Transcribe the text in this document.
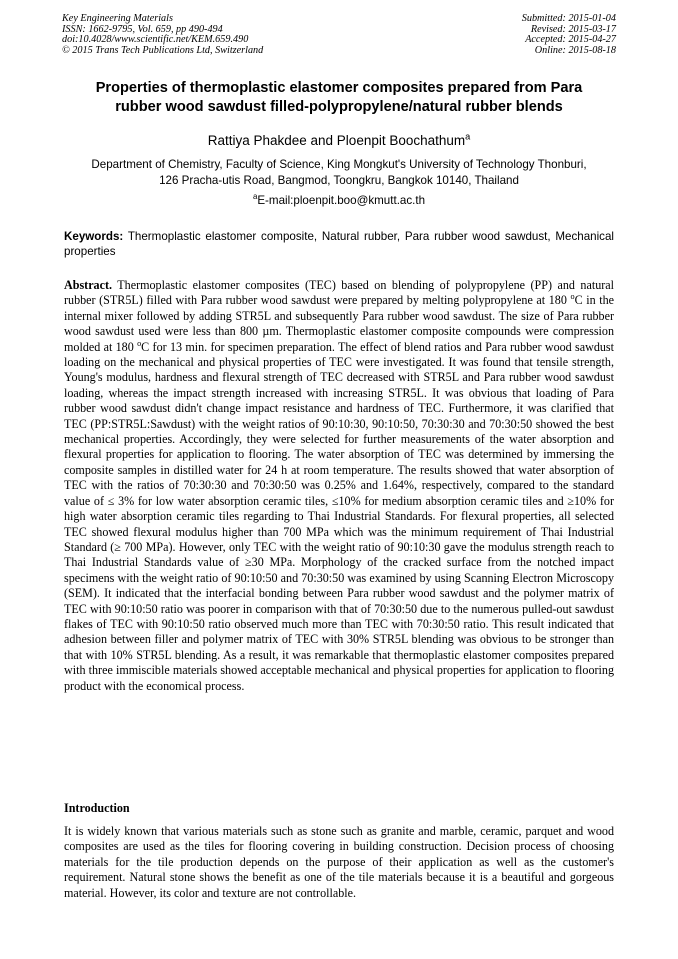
Key Engineering Materials
ISSN: 1662-9795, Vol. 659, pp 490-494
doi:10.4028/www.scientific.net/KEM.659.490
© 2015 Trans Tech Publications Ltd, Switzerland
Submitted: 2015-01-04
Revised: 2015-03-17
Accepted: 2015-04-27
Online: 2015-08-18
Properties of thermoplastic elastomer composites prepared from Para
rubber wood sawdust filled-polypropylene/natural rubber blends
Rattiya Phakdee and Ploenpit Boochathum$^a$
Department of Chemistry, Faculty of Science, King Mongkut's University of Technology Thonburi,
126 Pracha-utis Road, Bangmod, Toongkru, Bangkok 10140, Thailand
$^a$E-mail:ploenpit.boo@kmutt.ac.th
Keywords: Thermoplastic elastomer composite, Natural rubber, Para rubber wood sawdust, Mechanical properties
Abstract. Thermoplastic elastomer composites (TEC) based on blending of polypropylene (PP) and natural rubber (STR5L) filled with Para rubber wood sawdust were prepared by melting polypropylene at 180 $^o$C in the internal mixer followed by adding STR5L and subsequently Para rubber wood sawdust. The size of Para rubber wood sawdust used were less than 800 µm. Thermoplastic elastomer composite compounds were compression molded at 180 $^o$C for 13 min. for specimen preparation. The effect of blend ratios and Para rubber wood sawdust loading on the mechanical and physical properties of TEC were investigated. It was found that tensile strength, Young's modulus, hardness and flexural strength of TEC decreased with STR5L and Para rubber wood sawdust loading, whereas the impact strength increased with increasing STR5L. It was obvious that loading of Para rubber wood sawdust didn't change impact resistance and hardness of TEC. Furthermore, it was clarified that TEC (PP:STR5L:Sawdust) with the weight ratios of 90:10:30, 90:10:50, 70:30:30 and 70:30:50 showed the best mechanical properties. Accordingly, they were selected for further measurements of the water absorption and flexural properties for application to flooring. The water absorption of TEC was determined by immersing the composite samples in distilled water for 24 h at room temperature. The results showed that water absorption of TEC with the ratios of 70:30:30 and 70:30:50 was 0.25% and 1.64%, respectively, compared to the standard value of ≤ 3% for low water absorption ceramic tiles, ≤10% for medium absorption ceramic tiles and ≥10% for high water absorption ceramic tiles regarding to Thai Industrial Standards. For flexural properties, all selected TEC showed flexural modulus higher than 700 MPa which was the minimum requirement of Thai Industrial Standard (≥ 700 MPa). However, only TEC with the weight ratio of 90:10:30 gave the modulus strength reach to Thai Industrial Standards value of ≥30 MPa. Morphology of the cracked surface from the notched impact specimens with the weight ratio of 90:10:50 and 70:30:50 was examined by using Scanning Electron Microscopy (SEM). It indicated that the interfacial bonding between Para rubber wood sawdust and the polymer matrix of TEC with 90:10:50 ratio was poorer in comparison with that of 70:30:50 due to the numerous pulled-out sawdust flakes of TEC with 90:10:50 ratio observed much more than TEC with 70:30:50 ratio. This result indicated that adhesion between filler and polymer matrix of TEC with 30% STR5L blending was obvious to be stronger than that with 10% STR5L blending. As a result, it was remarkable that thermoplastic elastomer composites prepared with three immiscible materials showed acceptable mechanical and physical properties for application to flooring product with the economical process.
Introduction
It is widely known that various materials such as stone such as granite and marble, ceramic, parquet and wood composites are used as the tiles for flooring covering in building construction. Decision process of choosing materials for the tile production depends on the purpose of their application as well as the customer's requirement. Natural stone shows the benefit as one of the tile materials because it is a beautiful and gorgeous material. However, its color and texture are not controllable.
